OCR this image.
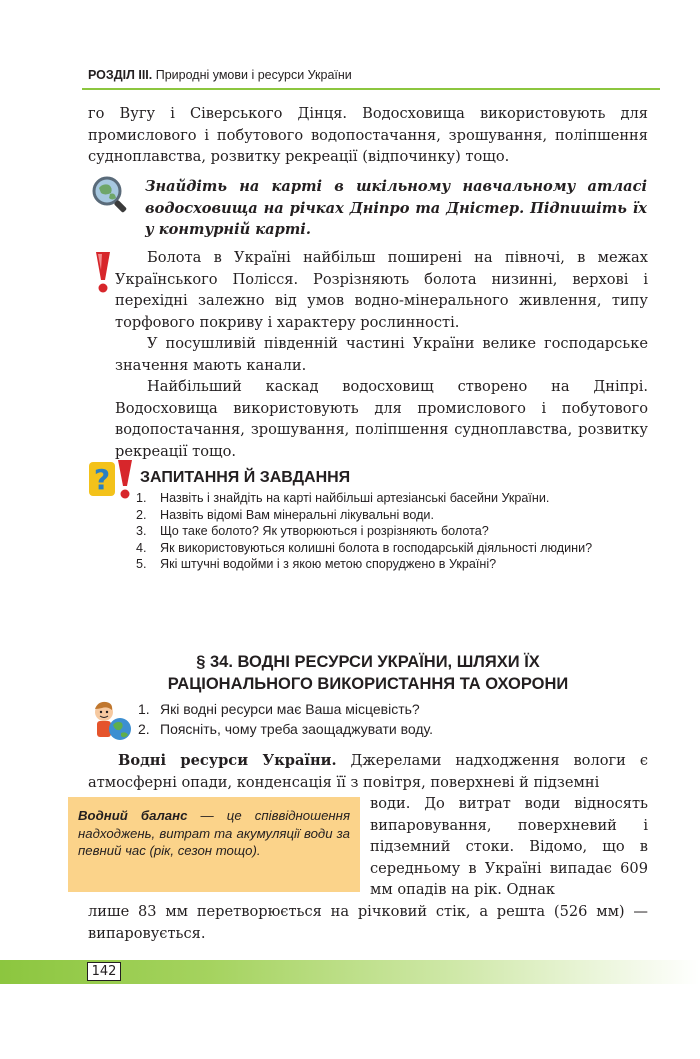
РОЗДІЛ ІІІ. Природні умови і ресурси України

го Вугу і Сіверського Дінця. Водосховища використовують для промислового і побутового водопостачання, зрошування, поліпшення судноплавства, розвитку рекреації (відпочинку) тощо.

Знайдіть на карті в шкільному навчальному атласі водосховища на річках Дніпро та Дністер. Підпишіть їх у контурній карті.

Болота в Україні найбільш поширені на півночі, в межах Українського Полісся. Розрізняють болота низинні, верхові і перехідні залежно від умов водно-мінерального живлення, типу торфового покриву і характеру рослинності.

У посушливій південній частині України велике господарське значення мають канали.

Найбільший каскад водосховищ створено на Дніпрі. Водосховища використовують для промислового і побутового водопостачання, зрошування, поліпшення судноплавства, розвитку рекреації тощо.

? ЗАПИТАННЯ Й ЗАВДАННЯ
1.	Назвіть і знайдіть на карті найбільші артезіанські басейни України.
2.	Назвіть відомі Вам мінеральні лікувальні води.
3.	Що таке болото? Як утворюються і розрізняють болота?
4.	Як використовуються колишні болота в господарській діяльності людини?
5.	Які штучні водойми і з якою метою споруджено в Україні?
§ 34. ВОДНІ РЕСУРСИ УКРАЇНИ, ШЛЯХИ ЇХ
РАЦІОНАЛЬНОГО ВИКОРИСТАННЯ ТА ОХОРОНИ
1. Які водні ресурси має Ваша місцевість?
2. Поясніть, чому треба заощаджувати воду.

Водні ресурси України. Джерелами надходження вологи є атмосферні опади, конденсація її з повітря, поверхневі й підземні

Водний баланс — це співвідношення надходжень, витрат та акумуляції води за певний час (рік, сезон тощо).

води. До витрат води відносять випаровування, поверхневий і підземний стоки. Відомо, що в середньому в Україні випадає 609 мм опадів на рік. Однак

лише 83 мм перетворюється на річковий стік, а решта (526 мм) — випаровується.

142
